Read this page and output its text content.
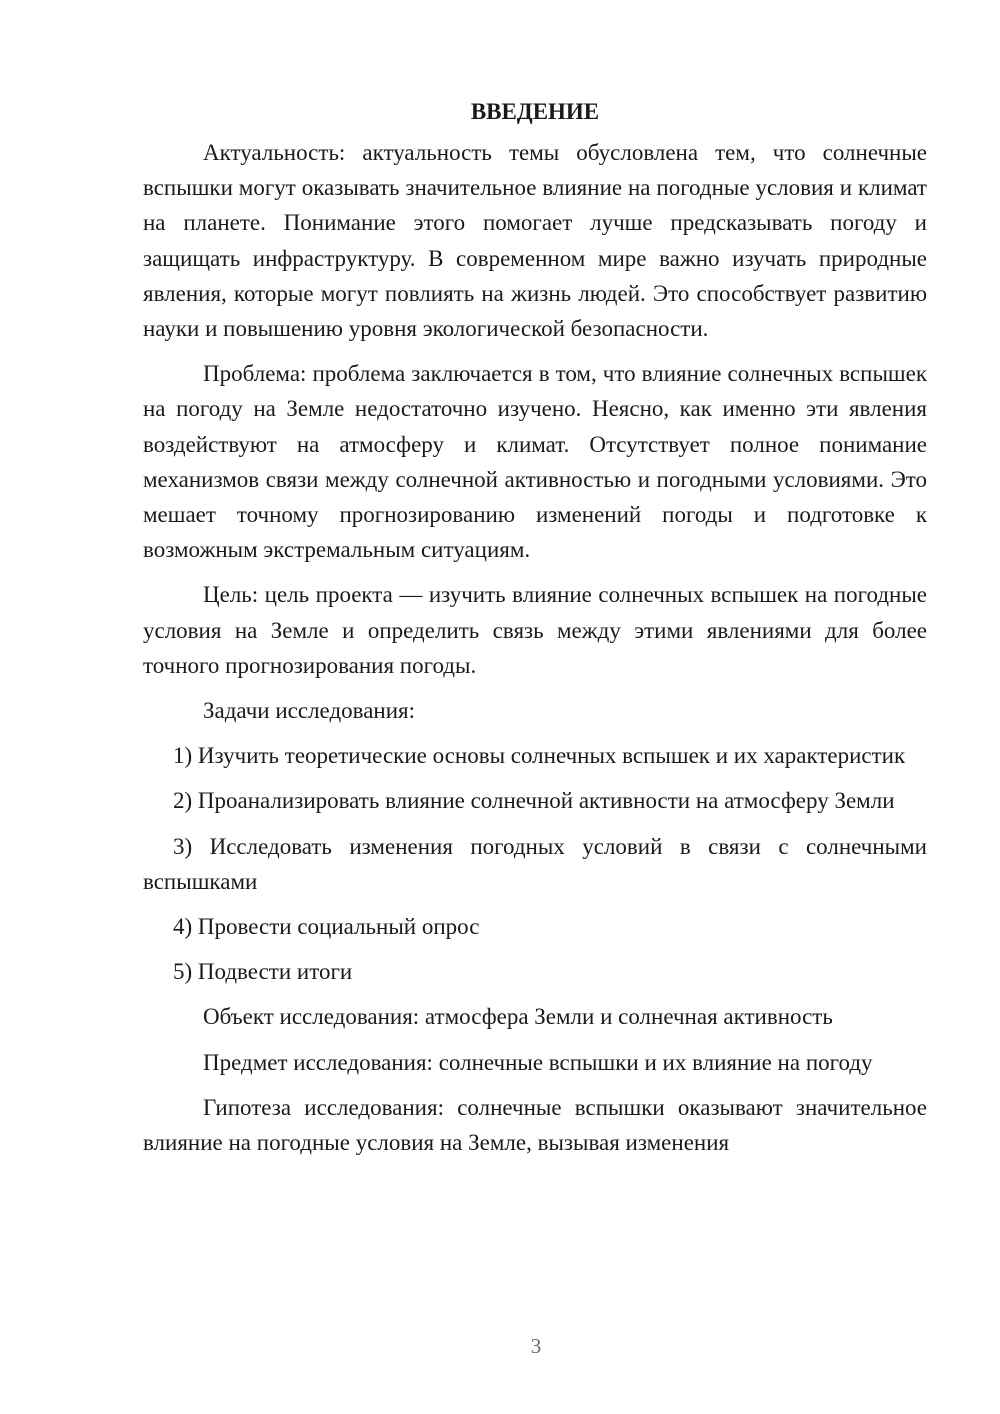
ВВЕДЕНИЕ

Актуальность: актуальность темы обусловлена тем, что солнечные вспышки могут оказывать значительное влияние на погодные условия и климат на планете. Понимание этого помогает лучше предсказывать погоду и защищать инфраструктуру. В современном мире важно изучать природные явления, которые могут повлиять на жизнь людей. Это способствует развитию науки и повышению уровня экологической безопасности.

Проблема: проблема заключается в том, что влияние солнечных вспышек на погоду на Земле недостаточно изучено. Неясно, как именно эти явления воздействуют на атмосферу и климат. Отсутствует полное понимание механизмов связи между солнечной активностью и погодными условиями. Это мешает точному прогнозированию изменений погоды и подготовке к возможным экстремальным ситуациям.

Цель: цель проекта — изучить влияние солнечных вспышек на погодные условия на Земле и определить связь между этими явлениями для более точного прогнозирования погоды.

Задачи исследования:

1) Изучить теоретические основы солнечных вспышек и их характеристик

2) Проанализировать влияние солнечной активности на атмосферу Земли

3) Исследовать изменения погодных условий в связи с солнечными вспышками

4) Провести социальный опрос

5) Подвести итоги

Объект исследования: атмосфера Земли и солнечная активность

Предмет исследования: солнечные вспышки и их влияние на погоду

Гипотеза исследования: солнечные вспышки оказывают значительное влияние на погодные условия на Земле, вызывая изменения

3
